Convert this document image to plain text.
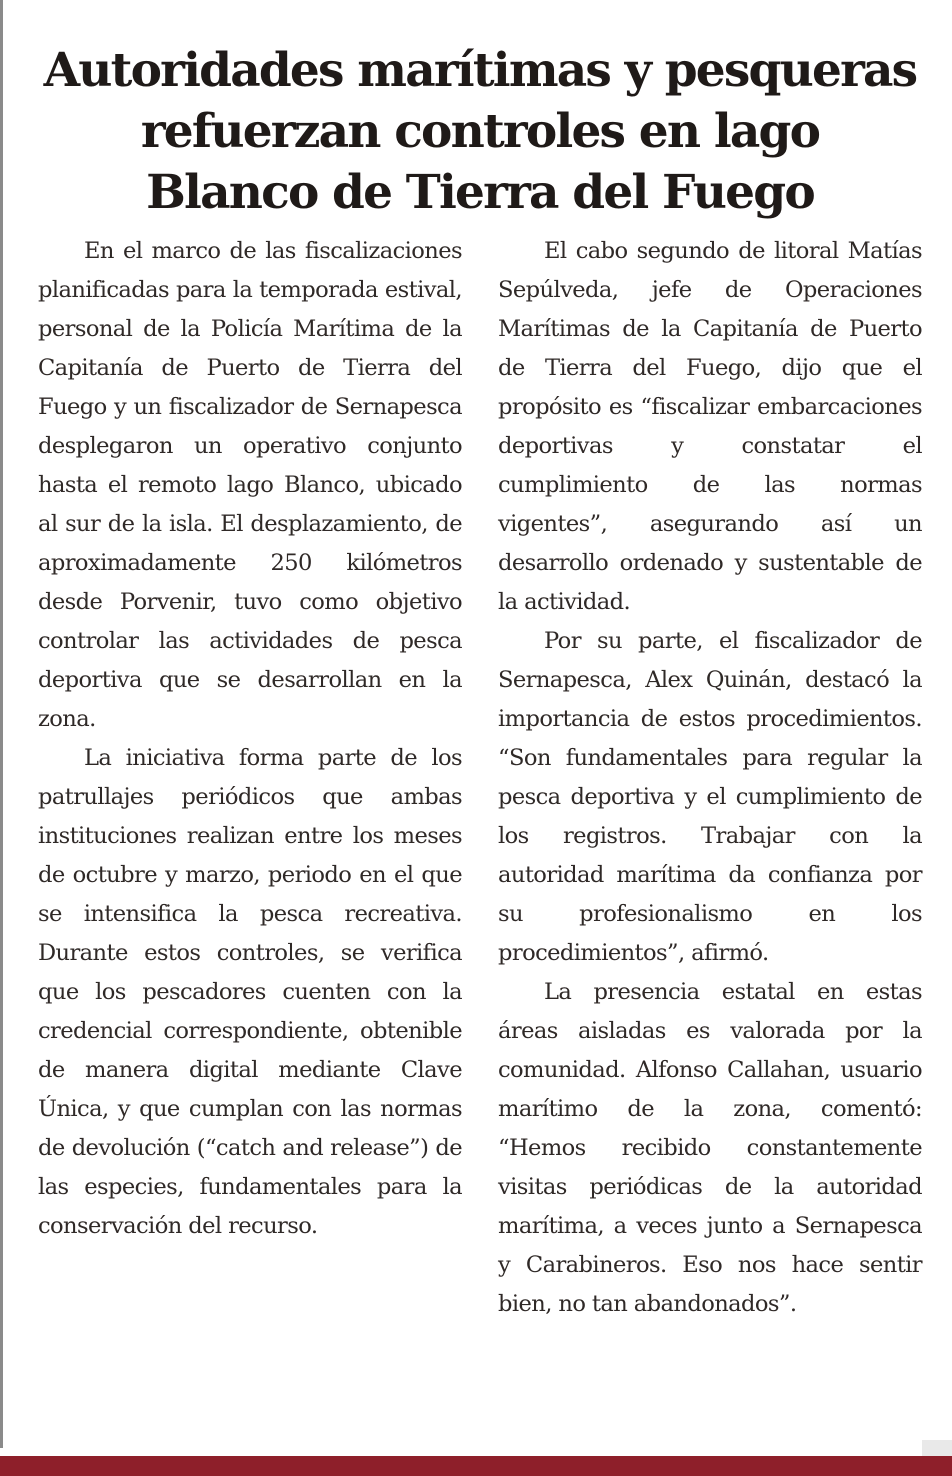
Autoridades marítimas y pesqueras
refuerzan controles en lago
Blanco de Tierra del Fuego

En el marco de las fiscalizaciones planificadas para la temporada estival, personal de la Policía Marítima de la Capitanía de Puerto de Tierra del Fuego y un fiscalizador de Sernapesca desplegaron un operativo conjunto hasta el remoto lago Blanco, ubicado al sur de la isla. El desplazamiento, de aproximadamente 250 kilómetros desde Porvenir, tuvo como objetivo controlar las actividades de pesca deportiva que se desarrollan en la zona.

La iniciativa forma parte de los patrullajes periódicos que ambas instituciones realizan entre los meses de octubre y marzo, periodo en el que se intensifica la pesca recreativa. Durante estos controles, se verifica que los pescadores cuenten con la credencial correspondiente, obtenible de manera digital mediante Clave Única, y que cumplan con las normas de devolución (“catch and release”) de las especies, fundamentales para la conservación del recurso.

El cabo segundo de litoral Matías Sepúlveda, jefe de Operaciones Marítimas de la Capitanía de Puerto de Tierra del Fuego, dijo que el propósito es “fiscalizar embarcaciones deportivas y constatar el cumplimiento de las normas vigentes”, asegurando así un desarrollo ordenado y sustentable de la actividad.

Por su parte, el fiscalizador de Sernapesca, Alex Quinán, destacó la importancia de estos procedimientos. “Son fundamentales para regular la pesca deportiva y el cumplimiento de los registros. Trabajar con la autoridad marítima da confianza por su profesionalismo en los procedimientos”, afirmó.

La presencia estatal en estas áreas aisladas es valorada por la comunidad. Alfonso Callahan, usuario marítimo de la zona, comentó: “Hemos recibido constantemente visitas periódicas de la autoridad marítima, a veces junto a Sernapesca y Carabineros. Eso nos hace sentir bien, no tan abandonados”.
